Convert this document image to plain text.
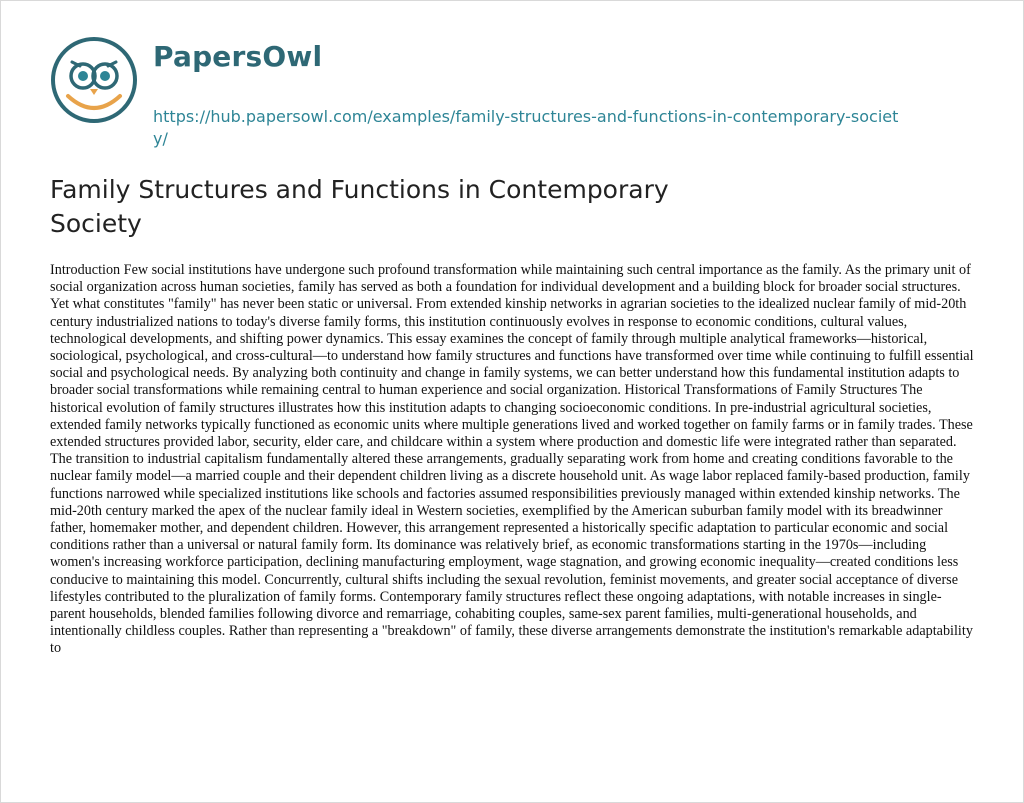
PapersOwl
https://hub.papersowl.com/examples/family-structures-and-functions-in-contemporary-society/
Family Structures and Functions in Contemporary Society

Introduction Few social institutions have undergone such profound transformation while maintaining such central importance as the family. As the primary unit of social organization across human societies, family has served as both a foundation for individual development and a building block for broader social structures. Yet what constitutes "family" has never been static or universal. From extended kinship networks in agrarian societies to the idealized nuclear family of mid-20th century industrialized nations to today's diverse family forms, this institution continuously evolves in response to economic conditions, cultural values, technological developments, and shifting power dynamics. This essay examines the concept of family through multiple analytical frameworks—historical, sociological, psychological, and cross-cultural—to understand how family structures and functions have transformed over time while continuing to fulfill essential social and psychological needs. By analyzing both continuity and change in family systems, we can better understand how this fundamental institution adapts to broader social transformations while remaining central to human experience and social organization. Historical Transformations of Family Structures The historical evolution of family structures illustrates how this institution adapts to changing socioeconomic conditions. In pre-industrial agricultural societies, extended family networks typically functioned as economic units where multiple generations lived and worked together on family farms or in family trades. These extended structures provided labor, security, elder care, and childcare within a system where production and domestic life were integrated rather than separated. The transition to industrial capitalism fundamentally altered these arrangements, gradually separating work from home and creating conditions favorable to the nuclear family model—a married couple and their dependent children living as a discrete household unit. As wage labor replaced family-based production, family functions narrowed while specialized institutions like schools and factories assumed responsibilities previously managed within extended kinship networks. The mid-20th century marked the apex of the nuclear family ideal in Western societies, exemplified by the American suburban family model with its breadwinner father, homemaker mother, and dependent children. However, this arrangement represented a historically specific adaptation to particular economic and social conditions rather than a universal or natural family form. Its dominance was relatively brief, as economic transformations starting in the 1970s—including women's increasing workforce participation, declining manufacturing employment, wage stagnation, and growing economic inequality—created conditions less conducive to maintaining this model. Concurrently, cultural shifts including the sexual revolution, feminist movements, and greater social acceptance of diverse lifestyles contributed to the pluralization of family forms. Contemporary family structures reflect these ongoing adaptations, with notable increases in single-parent households, blended families following divorce and remarriage, cohabiting couples, same-sex parent families, multi-generational households, and intentionally childless couples. Rather than representing a "breakdown" of family, these diverse arrangements demonstrate the institution's remarkable adaptability to
